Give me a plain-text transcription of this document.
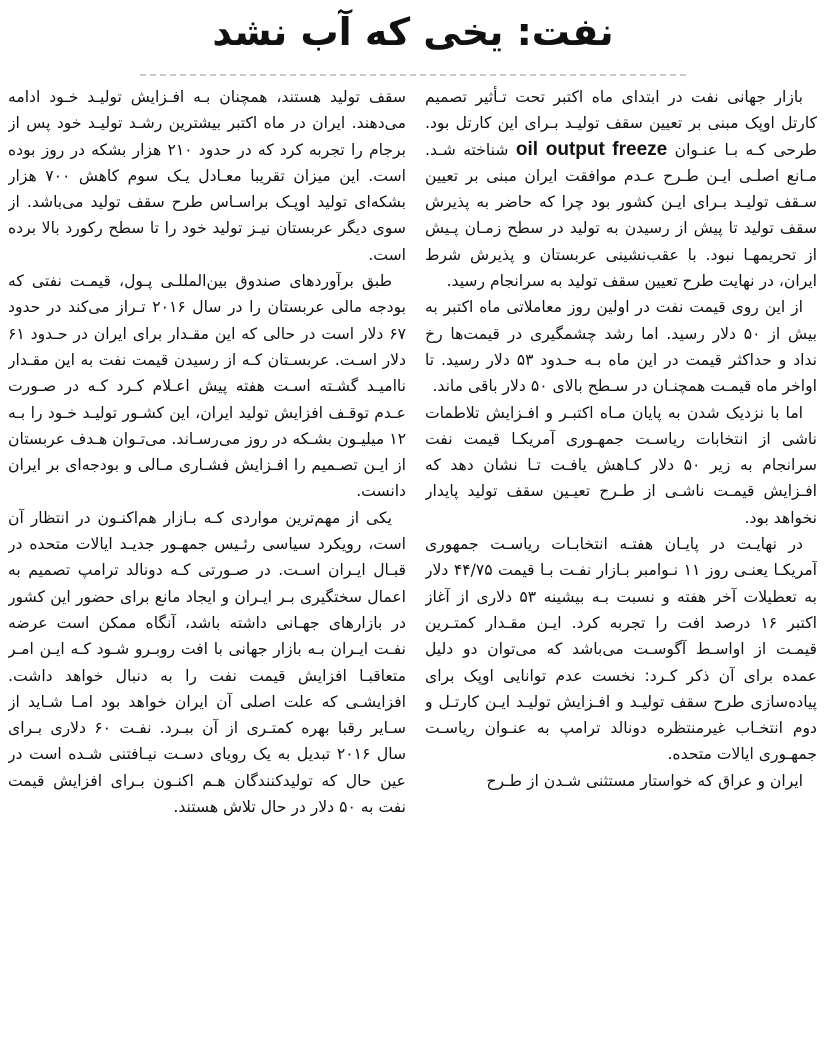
نفت: یخی که آب نشد

بازار جهانی نفت در ابتدای ماه اکتبر تحت تـأثیر تصمیم کارتل اوپک مبنی بر تعیین سقف تولیـد بـرای این کارتل بود. طرحی کـه بـا عنـوان oil output freeze شناخته شـد. مـانع اصلـی ایـن طـرح عـدم موافقت ایران مبنی بر تعیین سـقف تولیـد بـرای ایـن کشور بود چرا که حاضر به پذیرش سقف تولید تا پیش از رسیدن به تولید در سطح زمـان پـیش از تحریمهـا نبود. با عقب‌نشینی عربستان و پذیرش شرط ایران، در نهایت طرح تعیین سقف تولید به سرانجام رسید.

از این روی قیمت نفت در اولین روز معاملاتی ماه اکتبر به بیش از ۵۰ دلار رسید. اما رشد چشمگیری در قیمت‌ها رخ نداد و حداکثر قیمت در این ماه بـه حـدود ۵۳ دلار رسید. تا اواخر ماه قیمـت همچنـان در سـطح بالای ۵۰ دلار باقی ماند.

اما با نزدیک شدن به پایان مـاه اکتبـر و افـزایش تلاطمات ناشی از انتخابات ریاسـت جمهـوری آمریکـا قیمت نفت سرانجام به زیر ۵۰ دلار کـاهش یافـت تـا نشان دهد که افـزایش قیمـت ناشـی از طـرح تعیـین سقف تولید پایدار نخواهد بود.

در نهایـت در پایـان هفتـه انتخابـات ریاسـت جمهوری آمریکـا یعنـی روز ۱۱ نـوامبر بـازار نفـت بـا قیمت ۴۴/۷۵ دلار به تعطیلات آخر هفته و نسبت بـه بیشینه ۵۳ دلاری از آغاز اکتبر ۱۶ درصد افت را تجربه کرد. ایـن مقـدار کمتـرین قیمـت از اواسـط آگوسـت می‌باشد که می‌توان دو دلیل عمده برای آن ذکر کـرد: نخست عدم توانایی اوپک برای پیاده‌سازی طرح سقف تولیـد و افـزایش تولیـد ایـن کارتـل و دوم انتخـاب غیرمنتظره دونالد ترامپ به عنـوان ریاسـت جمهـوری ایالات متحده.

ایران و عراق که خواستار مستثنی شـدن از طـرح

سقف تولید هستند، همچنان بـه افـزایش تولیـد خـود ادامه می‌دهند. ایران در ماه اکتبر بیشترین رشـد تولیـد خود پس از برجام را تجربه کرد که در حدود ۲۱۰ هزار بشکه در روز بوده است. این میزان تقریبا معـادل یـک سوم کاهش ۷۰۰ هزار بشکه‌ای تولید اوپـک براسـاس طرح سقف تولید می‌باشد. از سوی دیگر عربستان نیـز تولید خود را تا سطح رکورد بالا برده است.

طبق برآوردهای صندوق بین‌المللـی پـول، قیمـت نفتی که بودجه مالی عربستان را در سال ۲۰۱۶ تـراز می‌کند در حدود ۶۷ دلار است در حالی که این مقـدار برای ایران در حـدود ۶۱ دلار اسـت. عربسـتان کـه از رسیدن قیمت نفت به این مقـدار ناامیـد گشـته اسـت هفته پیش اعـلام کـرد کـه در صـورت عـدم توقـف افزایش تولید ایران، این کشـور تولیـد خـود را بـه ۱۲ میلیـون بشـکه در روز می‌رسـاند. می‌تـوان هـدف عربستان از ایـن تصـمیم را افـزایش فشـاری مـالی و بودجه‌ای بر ایران دانست.

یکی از مهم‌ترین مواردی کـه بـازار هم‌اکنـون در انتظار آن است، رویکرد سیاسی رئـیس جمهـور جدیـد ایالات متحده در قبـال ایـران اسـت. در صـورتی کـه دونالد ترامپ تصمیم به اعمال سختگیری بـر ایـران و ایجاد مانع برای حضور این کشور در بازارهای جهـانی داشته باشد، آنگاه ممکن است عرضه نفـت ایـران بـه بازار جهانی با افت روبـرو شـود کـه ایـن امـر متعاقبـا افزایش قیمت نفت را به دنبال خواهد داشت. افزایشـی که علت اصلی آن ایران خواهد بود امـا شـاید از سـایر رقبا بهره کمتـری از آن ببـرد. نفـت ۶۰ دلاری بـرای سال ۲۰۱۶ تبدیل به یک رویای دسـت نیـافتنی شـده است در عین حال که تولیدکنندگان هـم اکنـون بـرای افزایش قیمت نفت به ۵۰ دلار در حال تلاش هستند.
